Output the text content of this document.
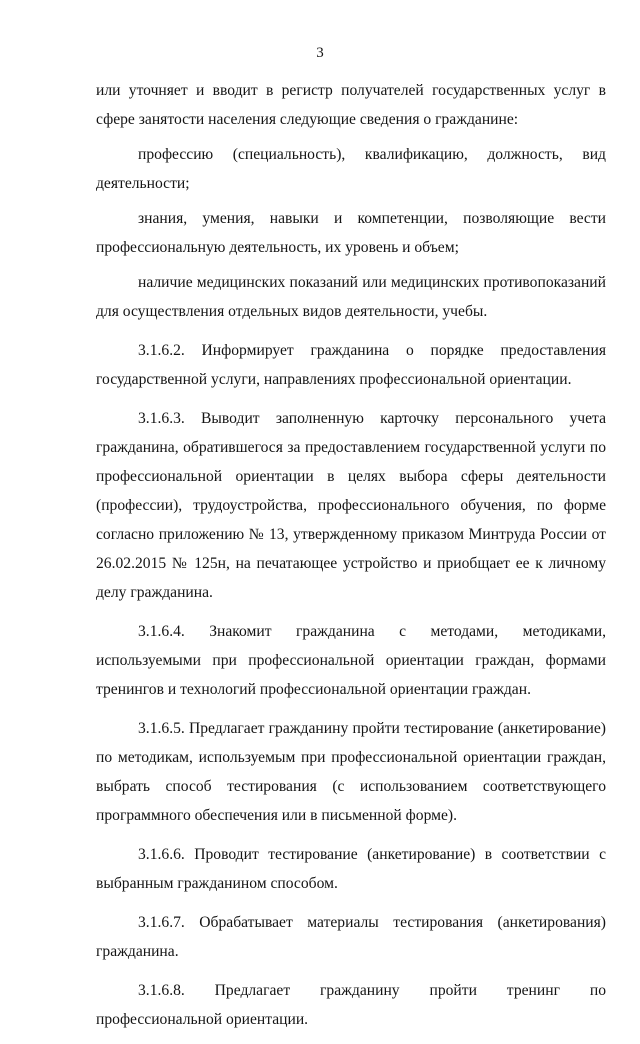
3

или уточняет и вводит в регистр получателей государственных услуг в сфере занятости населения следующие сведения о гражданине:

профессию (специальность), квалификацию, должность, вид деятельности;

знания, умения, навыки и компетенции, позволяющие вести профессиональную деятельность, их уровень и объем;

наличие медицинских показаний или медицинских противопоказаний для осуществления отдельных видов деятельности, учебы.

3.1.6.2. Информирует гражданина о порядке предоставления государственной услуги, направлениях профессиональной ориентации.

3.1.6.3. Выводит заполненную карточку персонального учета гражданина, обратившегося за предоставлением государственной услуги по профессиональной ориентации в целях выбора сферы деятельности (профессии), трудоустройства, профессионального обучения, по форме согласно приложению № 13, утвержденному приказом Минтруда России от 26.02.2015 № 125н, на печатающее устройство и приобщает ее к личному делу гражданина.

3.1.6.4. Знакомит гражданина с методами, методиками, используемыми при профессиональной ориентации граждан, формами тренингов и технологий профессиональной ориентации граждан.

3.1.6.5. Предлагает гражданину пройти тестирование (анкетирование) по методикам, используемым при профессиональной ориентации граждан, выбрать способ тестирования (с использованием соответствующего программного обеспечения или в письменной форме).

3.1.6.6. Проводит тестирование (анкетирование) в соответствии с выбранным гражданином способом.

3.1.6.7. Обрабатывает материалы тестирования (анкетирования) гражданина.

3.1.6.8. Предлагает гражданину пройти тренинг по профессиональной ориентации.
